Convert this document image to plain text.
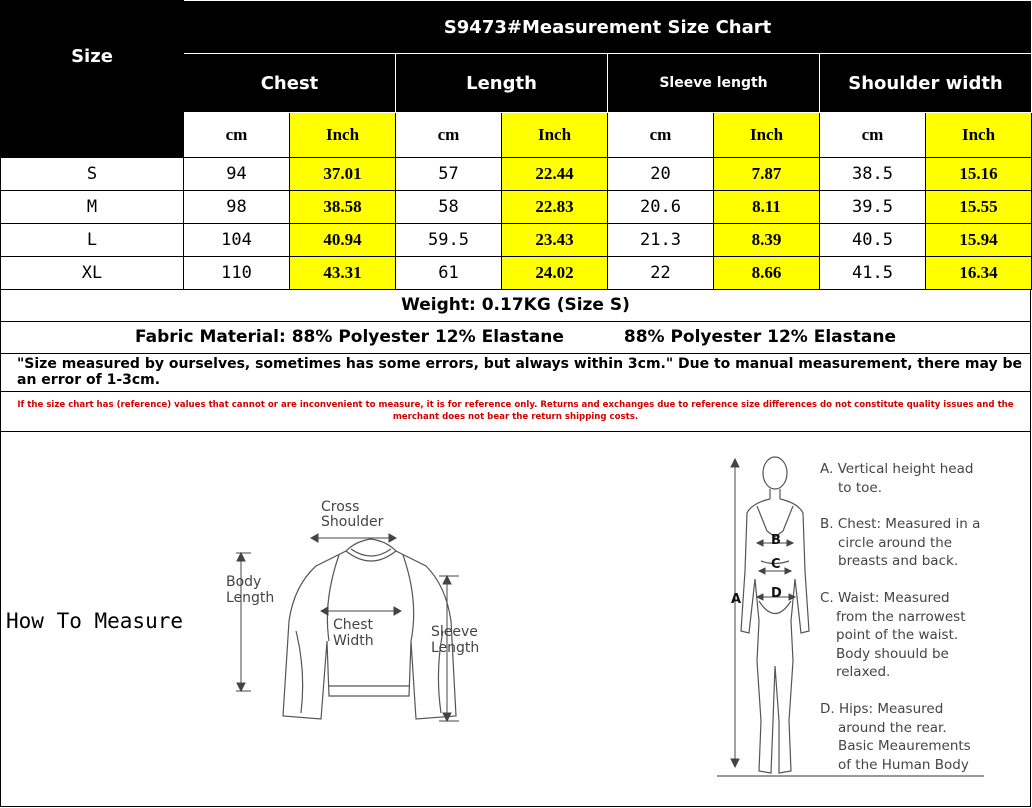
Size	S9473#Measurement Size Chart							
	Chest		Length		Sleeve length		Shoulder width	
	cm	Inch	cm	Inch	cm	Inch	cm	Inch
S	94	37.01	57	22.44	20	7.87	38.5	15.16
M	98	38.58	58	22.83	20.6	8.11	39.5	15.55
L	104	40.94	59.5	23.43	21.3	8.39	40.5	15.94
XL	110	43.31	61	24.02	22	8.66	41.5	16.34
Weight: 0.17KG (Size S)
Fabric Material: 88% Polyester 12% Elastane	88% Polyester 12% Elastane
"Size measured by ourselves, sometimes has some errors, but always within 3cm." Due to manual measurement, there may be an error of 1-3cm.
If the size chart has (reference) values that cannot or are inconvenient to measure, it is for reference only. Returns and exchanges due to reference size differences do not constitute quality issues and the merchant does not bear the return shipping costs.
How To Measure
Cross
Shoulder
Body
Length
Chest
Width
Sleeve
Length
A
B
C
D
A. Vertical height head
to toe.
B. Chest: Measured in a
circle around the
breasts and back.
C. Waist: Measured
from the narrowest
point of the waist.
Body shouuld be
relaxed.
D. Hips: Measured
around the rear.
Basic Meaurements
of the Human Body
